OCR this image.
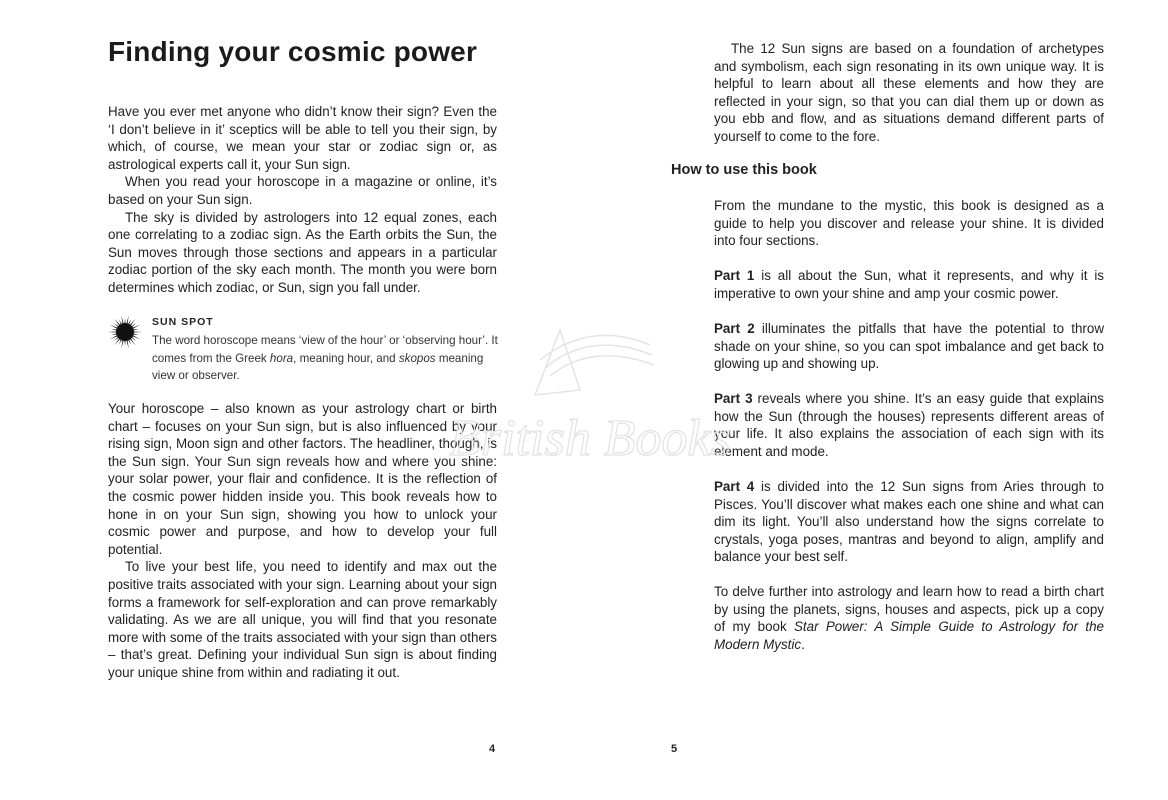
Finding your cosmic power

Have you ever met anyone who didn’t know their sign? Even the ‘I don’t believe in it’ sceptics will be able to tell you their sign, by which, of course, we mean your star or zodiac sign or, as astrological experts call it, your Sun sign.

When you read your horoscope in a magazine or online, it’s based on your Sun sign.

The sky is divided by astrologers into 12 equal zones, each one correlating to a zodiac sign. As the Earth orbits the Sun, the Sun moves through those sections and appears in a particular zodiac portion of the sky each month. The month you were born determines which zodiac, or Sun, sign you fall under.

SUN SPOT

The word horoscope means ‘view of the hour’ or ‘observing hour’. It comes from the Greek hora, meaning hour, and skopos meaning view or observer.

Your horoscope – also known as your astrology chart or birth chart – focuses on your Sun sign, but is also influenced by your rising sign, Moon sign and other factors. The headliner, though, is the Sun sign. Your Sun sign reveals how and where you shine: your solar power, your flair and confidence. It is the reflection of the cosmic power hidden inside you. This book reveals how to hone in on your Sun sign, showing you how to unlock your cosmic power and purpose, and how to develop your full potential.

To live your best life, you need to identify and max out the positive traits associated with your sign. Learning about your sign forms a framework for self-exploration and can prove remarkably validating. As we are all unique, you will find that you resonate more with some of the traits associated with your sign than others – that’s great. Defining your individual Sun sign is about finding your unique shine from within and radiating it out.

4

The 12 Sun signs are based on a foundation of archetypes and symbolism, each sign resonating in its own unique way. It is helpful to learn about all these elements and how they are reflected in your sign, so that you can dial them up or down as you ebb and flow, and as situations demand different parts of yourself to come to the fore.

How to use this book

From the mundane to the mystic, this book is designed as a guide to help you discover and release your shine. It is divided into four sections.

Part 1 is all about the Sun, what it represents, and why it is imperative to own your shine and amp your cosmic power.

Part 2 illuminates the pitfalls that have the potential to throw shade on your shine, so you can spot imbalance and get back to glowing up and showing up.

Part 3 reveals where you shine. It’s an easy guide that explains how the Sun (through the houses) represents different areas of your life. It also explains the association of each sign with its element and mode.

Part 4 is divided into the 12 Sun signs from Aries through to Pisces. You’ll discover what makes each one shine and what can dim its light. You’ll also understand how the signs correlate to crystals, yoga poses, mantras and beyond to align, amplify and balance your best self.

To delve further into astrology and learn how to read a birth chart by using the planets, signs, houses and aspects, pick up a copy of my book Star Power: A Simple Guide to Astrology for the Modern Mystic.

5
British Books
